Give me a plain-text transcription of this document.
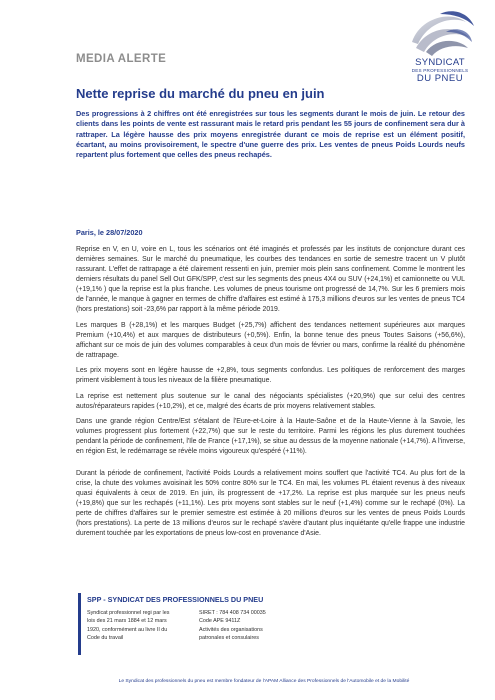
SYNDICAT
DES PROFESSIONNELS
DU PNEU
MEDIA ALERTE
Nette reprise du marché du pneu en juin
Des progressions à 2 chiffres ont été enregistrées sur tous les segments durant le mois de juin. Le retour des clients dans les points de vente est rassurant mais le retard pris pendant les 55 jours de confinement sera dur à rattraper. La légère hausse des prix moyens enregistrée durant ce mois de reprise est un élément positif, écartant, au moins provisoirement, le spectre d'une guerre des prix. Les ventes de pneus Poids Lourds neufs repartent plus fortement que celles des pneus rechapés.
Paris, le 28/07/2020

Reprise en V, en U, voire en L, tous les scénarios ont été imaginés et professés par les instituts de conjoncture durant ces dernières semaines. Sur le marché du pneumatique, les courbes des tendances en sortie de semestre tracent un V plutôt rassurant. L'effet de rattrapage a été clairement ressenti en juin, premier mois plein sans confinement. Comme le montrent les derniers résultats du panel Sell Out GFK/SPP, c'est sur les segments des pneus 4X4 ou SUV (+24,1%) et camionnette ou VUL (+19,1% ) que la reprise est la plus franche. Les volumes de pneus tourisme ont progressé de 14,7%. Sur les 6 premiers mois de l'année, le manque à gagner en termes de chiffre d'affaires est estimé à 175,3 millions d'euros sur les ventes de pneus TC4 (hors prestations) soit -23,6% par rapport à la même période 2019.

Les marques B (+28,1%) et les marques Budget (+25,7%) affichent des tendances nettement supérieures aux marques Premium (+10,4%) et aux marques de distributeurs (+0,5%). Enfin, la bonne tenue des pneus Toutes Saisons (+56,6%), affichant sur ce mois de juin des volumes comparables à ceux d'un mois de février ou mars, confirme la réalité du phénomène de rattrapage.

Les prix moyens sont en légère hausse de +2,8%, tous segments confondus. Les politiques de renforcement des marges priment visiblement à tous les niveaux de la filière pneumatique.

La reprise est nettement plus soutenue sur le canal des négociants spécialistes (+20,9%) que sur celui des centres autos/réparateurs rapides (+10,2%), et ce, malgré des écarts de prix moyens relativement stables.

Dans une grande région Centre/Est s'étalant de l'Eure-et-Loire à la Haute-Saône et de la Haute-Vienne à la Savoie, les volumes progressent plus fortement (+22,7%) que sur le reste du territoire. Parmi les régions les plus durement touchées pendant la période de confinement, l'Ile de France (+17,1%), se situe au dessus de la moyenne nationale (+14,7%). A l'inverse, en région Est, le redémarrage se révèle moins vigoureux qu'espéré (+11%).

Durant la période de confinement, l'activité Poids Lourds a relativement moins souffert que l'activité TC4. Au plus fort de la crise, la chute des volumes avoisinait les 50% contre 80% sur le TC4. En mai, les volumes PL étaient revenus à des niveaux quasi équivalents à ceux de 2019. En juin, ils progressent de +17,2%. La reprise est plus marquée sur les pneus neufs (+19,8%) que sur les rechapés (+11,1%). Les prix moyens sont stables sur le neuf (+1,4%) comme sur le rechapé (0%). La perte de chiffres d'affaires sur le premier semestre est estimée à 20 millions d'euros sur les ventes de pneus Poids Lourds (hors prestations). La perte de 13 millions d'euros sur le rechapé s'avère d'autant plus inquiétante qu'elle frappe une industrie durement touchée par les exportations de pneus low-cost en provenance d'Asie.

SPP - SYNDICAT DES PROFESSIONNELS DU PNEU
Syndicat professionnel regi par les
lois des 21 mars 1884 et 12 mars
1920, conformément au livre II du
Code du travail
SIRET : 784 408 734 00035
Code APE 9411Z
Activités des organisations
patronales et consulaires
Le Syndicat des professionnels du pneu est membre fondateur de l'APAM Alliance des Professionnels de l'Automobile et de la Mobilité
